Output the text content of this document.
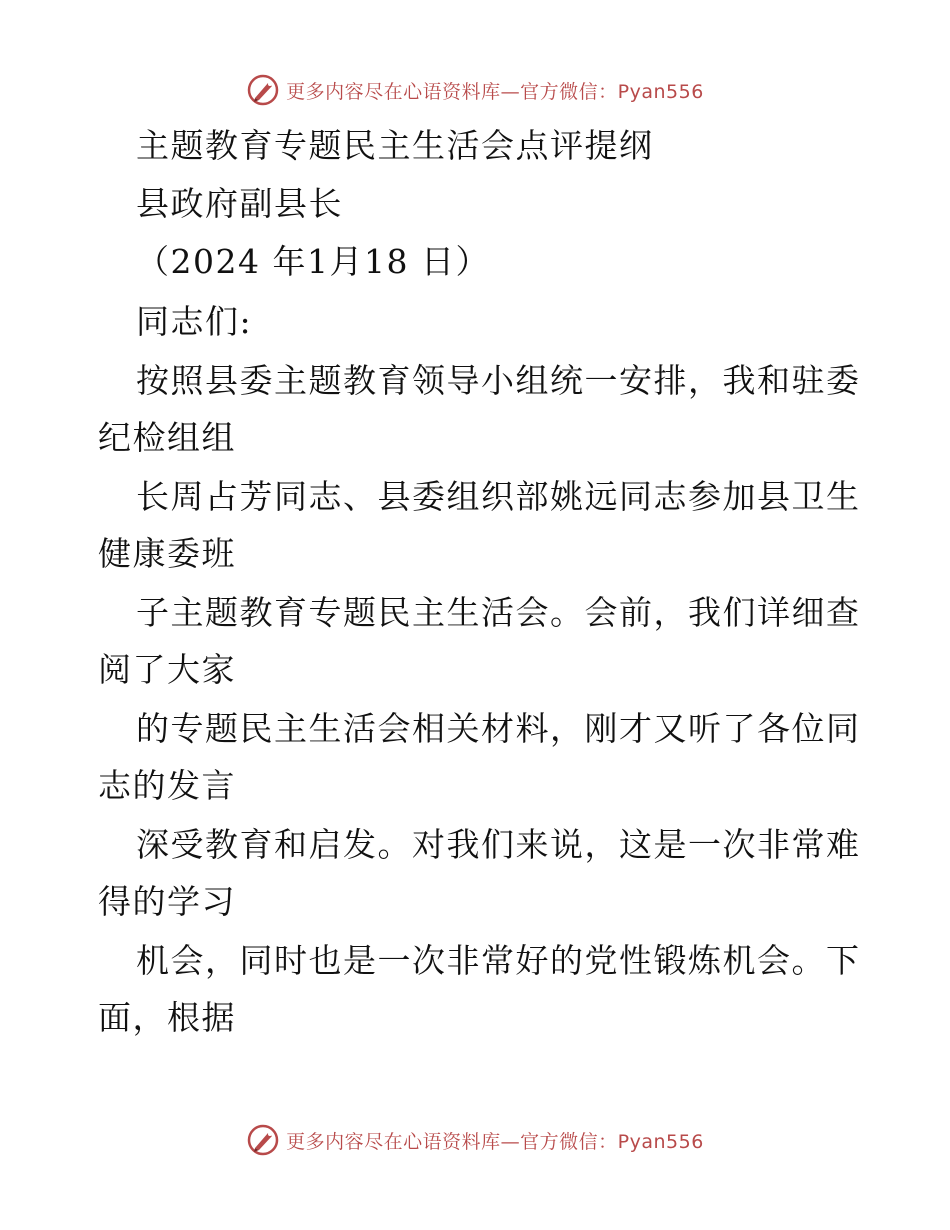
更多内容尽在心语资料库—官方微信：Pyan556
主题教育专题民主生活会点评提纲
县政府副县长
（2024 年1月18 日）
同志们:
按照县委主题教育领导小组统一安排，我和驻委
纪检组组
长周占芳同志、县委组织部姚远同志参加县卫生
健康委班
子主题教育专题民主生活会。会前，我们详细查
阅了大家
的专题民主生活会相关材料，刚才又听了各位同
志的发言
深受教育和启发。对我们来说，这是一次非常难
得的学习
机会，同时也是一次非常好的党性锻炼机会。下
面，根据
更多内容尽在心语资料库—官方微信：Pyan556
